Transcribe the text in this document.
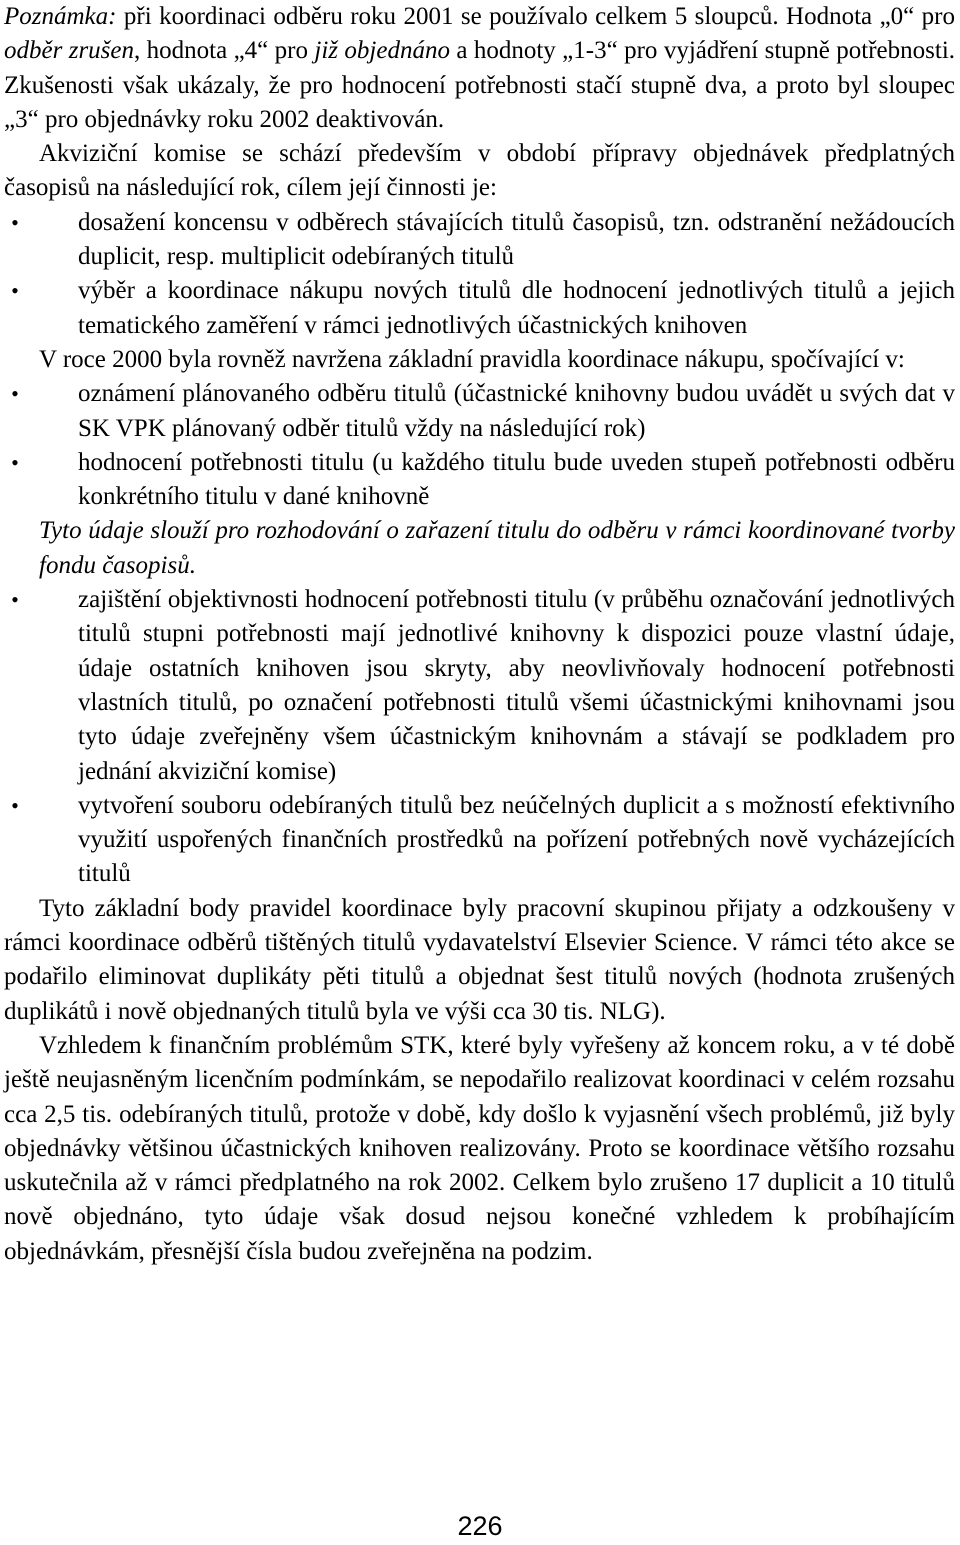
Poznámka: při koordinaci odběru roku 2001 se používalo celkem 5 sloupců. Hodnota „0“ pro odběr zrušen, hodnota „4“ pro již objednáno a hodnoty „1-3“ pro vyjádření stupně potřebnosti. Zkušenosti však ukázaly, že pro hodnocení potřebnosti stačí stupně dva, a proto byl sloupec „3“ pro objednávky roku 2002 deaktivován.

Akviziční komise se schází především v období přípravy objednávek předplatných časopisů na následující rok, cílem její činnosti je:

• dosažení koncensu v odběrech stávajících titulů časopisů, tzn. odstranění nežádoucích duplicit, resp. multiplicit odebíraných titulů
• výběr a koordinace nákupu nových titulů dle hodnocení jednotlivých titulů a jejich tematického zaměření v rámci jednotlivých účastnických knihoven

V roce 2000 byla rovněž navržena základní pravidla koordinace nákupu, spočívající v:

• oznámení plánovaného odběru titulů (účastnické knihovny budou uvádět u svých dat v SK VPK plánovaný odběr titulů vždy na následující rok)
• hodnocení potřebnosti titulu (u každého titulu bude uveden stupeň potřebnosti odběru konkrétního titulu v dané knihovně

Tyto údaje slouží pro rozhodování o zařazení titulu do odběru v rámci koordinované tvorby fondu časopisů.

• zajištění objektivnosti hodnocení potřebnosti titulu (v průběhu označování jednotlivých titulů stupni potřebnosti mají jednotlivé knihovny k dispozici pouze vlastní údaje, údaje ostatních knihoven jsou skryty, aby neovlivňovaly hodnocení potřebnosti vlastních titulů, po označení potřebnosti titulů všemi účastnickými knihovnami jsou tyto údaje zveřejněny všem účastnickým knihovnám a stávají se podkladem pro jednání akviziční komise)
• vytvoření souboru odebíraných titulů bez neúčelných duplicit a s možností efektivního využití uspořených finančních prostředků na pořízení potřebných nově vycházejících titulů

Tyto základní body pravidel koordinace byly pracovní skupinou přijaty a odzkoušeny v rámci koordinace odběrů tištěných titulů vydavatelství Elsevier Science. V rámci této akce se podařilo eliminovat duplikáty pěti titulů a objednat šest titulů nových (hodnota zrušených duplikátů i nově objednaných titulů byla ve výši cca 30 tis. NLG).

Vzhledem k finančním problémům STK, které byly vyřešeny až koncem roku, a v té době ještě neujasněným licenčním podmínkám, se nepodařilo realizovat koordinaci v celém rozsahu cca 2,5 tis. odebíraných titulů, protože v době, kdy došlo k vyjasnění všech problémů, již byly objednávky většinou účastnických knihoven realizovány. Proto se koordinace většího rozsahu uskutečnila až v rámci předplatného na rok 2002. Celkem bylo zrušeno 17 duplicit a 10 titulů nově objednáno, tyto údaje však dosud nejsou konečné vzhledem k probíhajícím objednávkám, přesnější čísla budou zveřejněna na podzim.

226
